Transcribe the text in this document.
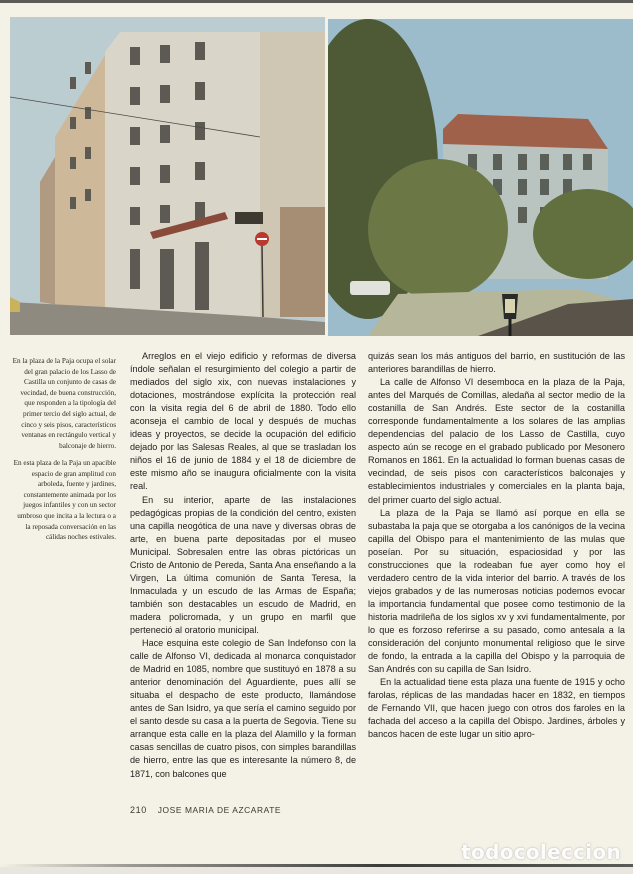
En la plaza de la Paja ocupa el solar del gran palacio de los Lasso de Castilla un conjunto de casas de vecindad, de buena construcción, que responden a la tipología del primer tercio del siglo actual, de cinco y seis pisos, característicos ventanas en rectángulo vertical y balconaje de hierro.
En esta plaza de la Paja un apacible espacio de gran amplitud con arboleda, fuente y jardines, constantemente animada por los juegos infantiles y con un sector umbroso que incita a la lectura o a la reposada conversación en las cálidas noches estivales.

Arreglos en el viejo edificio y reformas de diversa índole señalan el resurgimiento del colegio a partir de mediados del siglo xix, con nuevas instalaciones y dotaciones, mostrándose explícita la protección real con la visita regia del 6 de abril de 1880. Todo ello aconseja el cambio de local y después de muchas ideas y proyectos, se decide la ocupación del edificio dejado por las Salesas Reales, al que se trasladan los niños el 16 de junio de 1884 y el 18 de diciembre de este mismo año se inaugura oficialmente con la visita real.

En su interior, aparte de las instalaciones pedagógicas propias de la condición del centro, existen una capilla neogótica de una nave y diversas obras de arte, en buena parte depositadas por el museo Municipal. Sobresalen entre las obras pictóricas un Cristo de Antonio de Pereda, Santa Ana enseñando a la Virgen, La última comunión de Santa Teresa, la Inmaculada y un escudo de las Armas de España; también son destacables un escudo de Madrid, en madera policromada, y un grupo en marfil que perteneció al oratorio municipal.

Hace esquina este colegio de San Indefonso con la calle de Alfonso VI, dedicada al monarca conquistador de Madrid en 1085, nombre que sustituyó en 1878 a su anterior denominación del Aguardiente, pues allí se situaba el despacho de este producto, llamándose antes de San Isidro, ya que sería el camino seguido por el santo desde su casa a la puerta de Segovia. Tiene su arranque esta calle en la plaza del Alamillo y la forman casas sencillas de cuatro pisos, con simples barandillas de hierro, entre las que es interesante la número 8, de 1871, con balcones que

quizás sean los más antiguos del barrio, en sustitución de las anteriores barandillas de hierro.

La calle de Alfonso VI desemboca en la plaza de la Paja, antes del Marqués de Comillas, aledaña al sector medio de la costanilla de San Andrés. Este sector de la costanilla corresponde fundamentalmente a los solares de las amplias dependencias del palacio de los Lasso de Castilla, cuyo aspecto aún se recoge en el grabado publicado por Mesonero Romanos en 1861. En la actualidad lo forman buenas casas de vecindad, de seis pisos con característicos balconajes y establecimientos industriales y comerciales en la planta baja, del primer cuarto del siglo actual.

La plaza de la Paja se llamó así porque en ella se subastaba la paja que se otorgaba a los canónigos de la vecina capilla del Obispo para el mantenimiento de las mulas que poseían. Por su situación, espaciosidad y por las construcciones que la rodeaban fue ayer como hoy el verdadero centro de la vida interior del barrio. A través de los viejos grabados y de las numerosas noticias podemos evocar la importancia fundamental que posee como testimonio de la historia madrileña de los siglos xv y xvi fundamentalmente, por lo que es forzoso referirse a su pasado, como antesala a la consideración del conjunto monumental religioso que le sirve de fondo, la entrada a la capilla del Obispo y la parroquia de San Andrés con su capilla de San Isidro.

En la actualidad tiene esta plaza una fuente de 1915 y ocho farolas, réplicas de las mandadas hacer en 1832, en tiempos de Fernando VII, que hacen juego con otros dos faroles en la fachada del acceso a la capilla del Obispo. Jardines, árboles y bancos hacen de este lugar un sitio apro-

210 JOSE MARIA DE AZCARATE
todocoleccion
